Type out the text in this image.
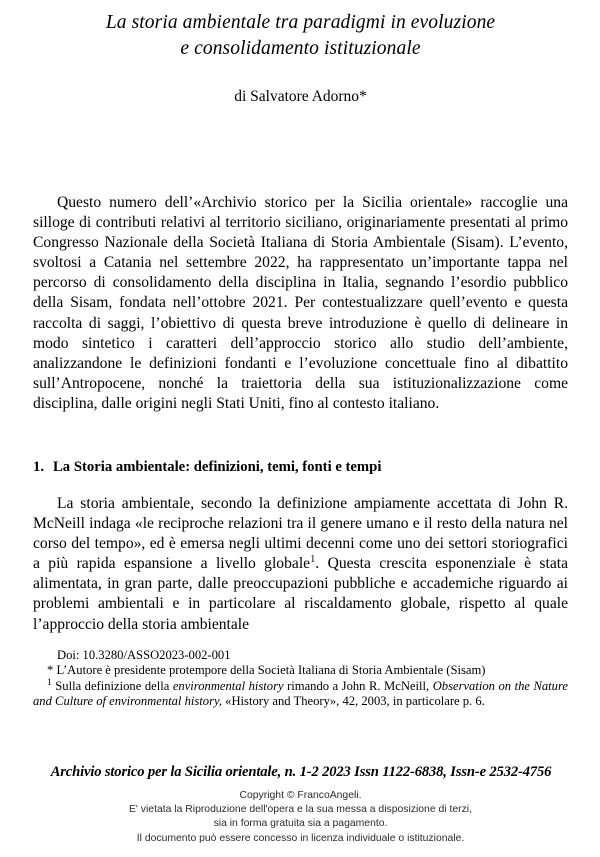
La storia ambientale tra paradigmi in evoluzione
e consolidamento istituzionale
di Salvatore Adorno*

Questo numero dell’«Archivio storico per la Sicilia orientale» raccoglie una silloge di contributi relativi al territorio siciliano, originariamente presentati al primo Congresso Nazionale della Società Italiana di Storia Ambientale (Sisam). L’evento, svoltosi a Catania nel settembre 2022, ha rappresentato un’importante tappa nel percorso di consolidamento della disciplina in Italia, segnando l’esordio pubblico della Sisam, fondata nell’ottobre 2021. Per contestualizzare quell’evento e questa raccolta di saggi, l’obiettivo di questa breve introduzione è quello di delineare in modo sintetico i caratteri dell’approccio storico allo studio dell’ambiente, analizzandone le definizioni fondanti e l’evoluzione concettuale fino al dibattito sull’Antropocene, nonché la traiettoria della sua istituzionalizzazione come disciplina, dalle origini negli Stati Uniti, fino al contesto italiano.

1. La Storia ambientale: definizioni, temi, fonti e tempi

La storia ambientale, secondo la definizione ampiamente accettata di John R. McNeill indaga «le reciproche relazioni tra il genere umano e il resto della natura nel corso del tempo», ed è emersa negli ultimi decenni come uno dei settori storiografici a più rapida espansione a livello globale$^1$. Questa crescita esponenziale è stata alimentata, in gran parte, dalle preoccupazioni pubbliche e accademiche riguardo ai problemi ambientali e in particolare al riscaldamento globale, rispetto al quale l’approccio della storia ambientale

Doi: 10.3280/ASSO2023-002-001

* L’Autore è presidente protempore della Società Italiana di Storia Ambientale (Sisam)

$^1$ Sulla definizione della environmental history rimando a John R. McNeill, Observation on the Nature and Culture of environmental history, «History and Theory», 42, 2003, in particolare p. 6.

Archivio storico per la Sicilia orientale, n. 1-2 2023 Issn 1122-6838, Issn-e 2532-4756
Copyright © FrancoAngeli.
E' vietata la Riproduzione dell'opera e la sua messa a disposizione di terzi,
sia in forma gratuita sia a pagamento.
Il documento può essere concesso in licenza individuale o istituzionale.
